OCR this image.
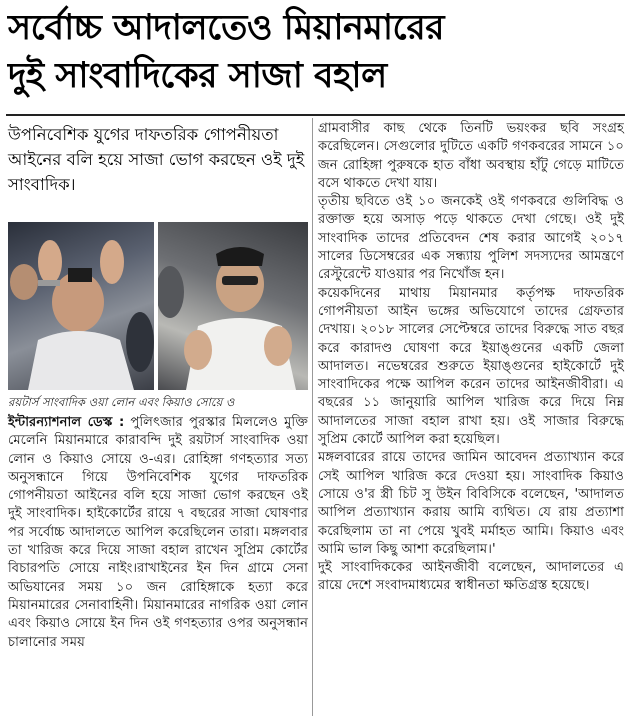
সর্বোচ্চ আদালতেও মিয়ানমারের
দুই সাংবাদিকের সাজা বহাল
উপনিবেশিক যুগের দাফতরিক গোপনীয়তা আইনের বলি হয়ে সাজা ভোগ করছেন ওই দুই সাংবাদিক।
রয়টার্স সাংবাদিক ওয়া লোন এবং কিয়াও সোয়ে ও

ইন্টারন্যাশনাল ডেস্ক : পুলিৎজার পুরস্কার মিললেও মুক্তি মেলেনি মিয়ানমারে কারাবন্দি দুই রয়টার্স সাংবাদিক ওয়া লোন ও কিয়াও সোয়ে ও-এর। রোহিঙ্গা গণহত্যার সত্য অনুসন্ধানে গিয়ে উপনিবেশিক যুগের দাফতরিক গোপনীয়তা আইনের বলি হয়ে সাজা ভোগ করছেন ওই দুই সাংবাদিক। হাইকোর্টের রায়ে ৭ বছরের সাজা ঘোষণার পর সর্বোচ্চ আদালতে আপিল করেছিলেন তারা। মঙ্গলবার তা খারিজ করে দিয়ে সাজা বহাল রাখেন সুপ্রিম কোর্টের বিচারপতি সোয়ে নাইং।রাখাইনের ইন দিন গ্রামে সেনা অভিযানের সময় ১০ জন রোহিঙ্গাকে হত্যা করে মিয়ানমারের সেনাবাহিনী। মিয়ানমারের নাগরিক ওয়া লোন এবং কিয়াও সোয়ে ইন দিন ওই গণহত্যার ওপর অনুসন্ধান চালানোর সময়

গ্রামবাসীর কাছ থেকে তিনটি ভয়ংকর ছবি সংগ্রহ করেছিলেন। সেগুলোর দুটিতে একটি গণকবরের সামনে ১০ জন রোহিঙ্গা পুরুষকে হাত বাঁধা অবস্থায় হাঁটু গেড়ে মাটিতে বসে থাকতে দেখা যায়।

তৃতীয় ছবিতে ওই ১০ জনকেই ওই গণকবরে গুলিবিদ্ধ ও রক্তাক্ত হয়ে অসাড় পড়ে থাকতে দেখা গেছে। ওই দুই সাংবাদিক তাদের প্রতিবেদন শেষ করার আগেই ২০১৭ সালের ডিসেম্বরের এক সন্ধ্যায় পুলিশ সদস্যদের আমন্ত্রণে রেস্টুরেন্টে যাওয়ার পর নিখোঁজ হন।

কয়েকদিনের মাথায় মিয়ানমার কর্তৃপক্ষ দাফতরিক গোপনীয়তা আইন ভঙ্গের অভিযোগে তাদের গ্রেফতার দেখায়। ২০১৮ সালের সেপ্টেম্বরে তাদের বিরুদ্ধে সাত বছর করে কারাদণ্ড ঘোষণা করে ইয়াঙ্গুনের একটি জেলা আদালত। নভেম্বরের শুরুতে ইয়াঙ্গুনের হাইকোর্টে দুই সাংবাদিকের পক্ষে আপিল করেন তাদের আইনজীবীরা। এ বছরের ১১ জানুয়ারি আপিল খারিজ করে দিয়ে নিম্ন আদালতের সাজা বহাল রাখা হয়। ওই সাজার বিরুদ্ধে সুপ্রিম কোর্টে আপিল করা হয়েছিল।

মঙ্গলবারের রায়ে তাদের জামিন আবেদন প্রত্যাখ্যান করে সেই আপিল খারিজ করে দেওয়া হয়। সাংবাদিক কিয়াও সোয়ে ও'র স্ত্রী চিট সু উইন বিবিসিকে বলেছেন, 'আদালত আপিল প্রত্যাখ্যান করায় আমি ব্যথিত। যে রায় প্রত্যাশা করেছিলাম তা না পেয়ে খুবই মর্মাহত আমি। কিয়াও এবং আমি ভাল কিছু আশা করেছিলাম।'

দুই সাংবাদিককের আইনজীবী বলেছেন, আদালতের এ রায়ে দেশে সংবাদমাধ্যমের স্বাধীনতা ক্ষতিগ্রস্ত হয়েছে।
